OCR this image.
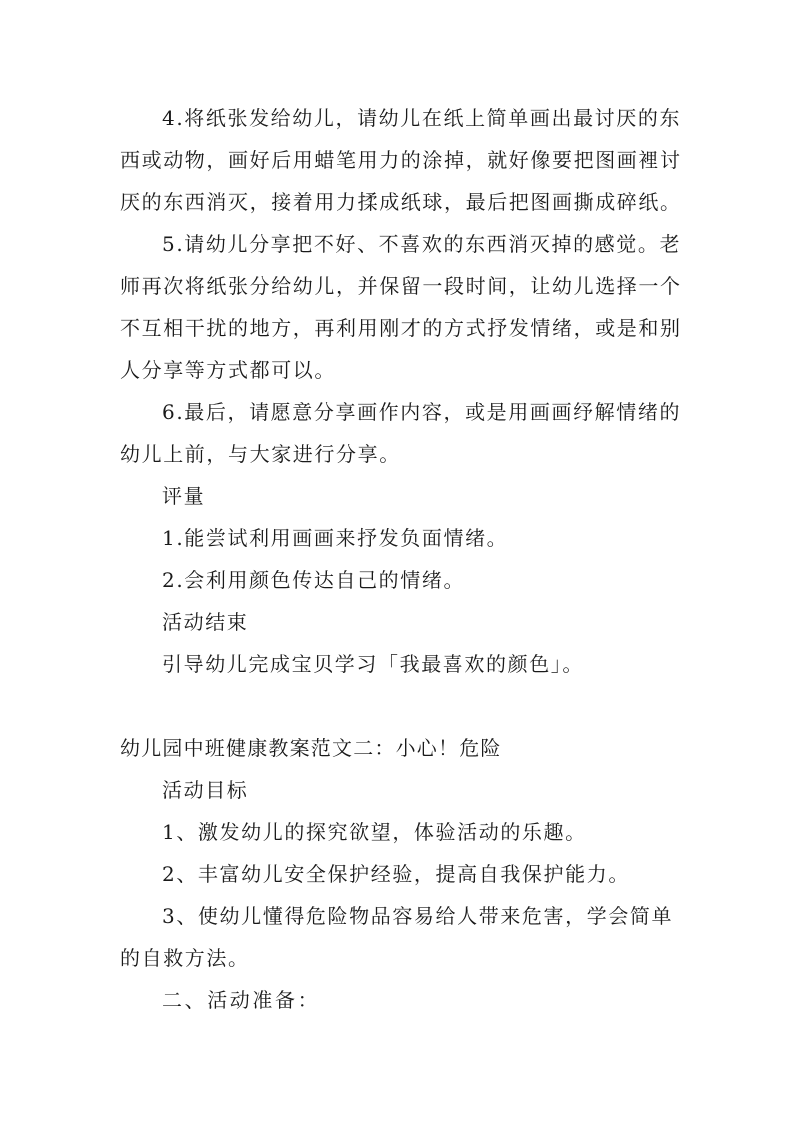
4.将纸张发给幼儿，请幼儿在纸上简单画出最讨厌的东
西或动物，画好后用蜡笔用力的涂掉，就好像要把图画裡讨
厌的东西消灭，接着用力揉成纸球，最后把图画撕成碎纸。
5.请幼儿分享把不好、不喜欢的东西消灭掉的感觉。老
师再次将纸张分给幼儿，并保留一段时间，让幼儿选择一个
不互相干扰的地方，再利用刚才的方式抒发情绪，或是和别
人分享等方式都可以。
6.最后，请愿意分享画作内容，或是用画画纾解情绪的
幼儿上前，与大家进行分享。
评量
1.能尝试利用画画来抒发负面情绪。
2.会利用颜色传达自己的情绪。
活动结束
引导幼儿完成宝贝学习「我最喜欢的颜色」。
幼儿园中班健康教案范文二：小心！危险
活动目标
1、激发幼儿的探究欲望，体验活动的乐趣。
2、丰富幼儿安全保护经验，提高自我保护能力。
3、使幼儿懂得危险物品容易给人带来危害，学会简单
的自救方法。
二、活动准备：
